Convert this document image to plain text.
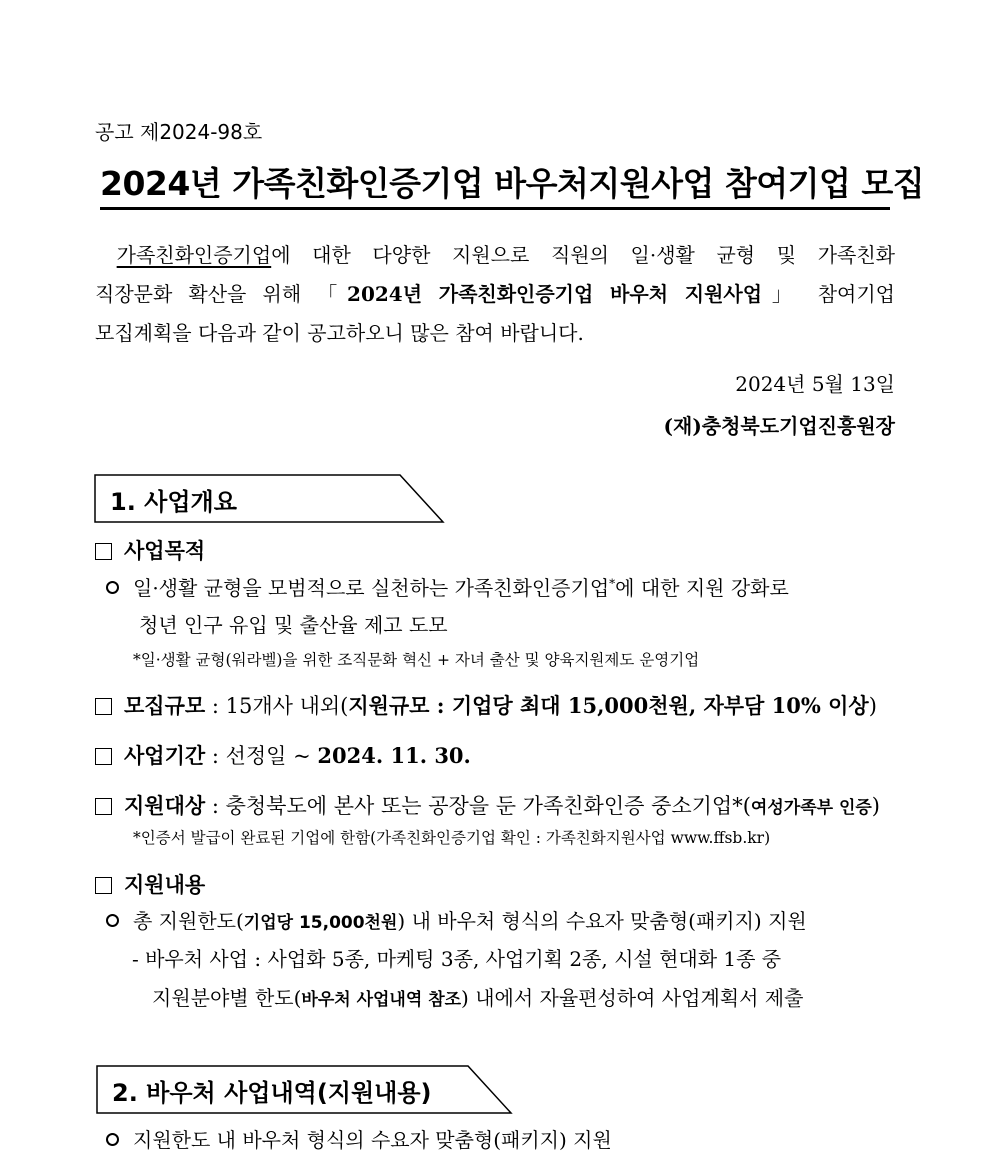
공고 제2024-98호
2024년 가족친화인증기업 바우처지원사업 참여기업 모집
가족친화인증기업에 대한 다양한 지원으로 직원의 일·생활 균형 및 가족친화
직장문화 확산을 위해 「2024년 가족친화인증기업 바우처 지원사업」 참여기업
모집계획을 다음과 같이 공고하오니 많은 참여 바랍니다.
2024년 5월 13일
(재)충청북도기업진흥원장
1. 사업개요
사업목적
일·생활 균형을 모범적으로 실천하는 가족친화인증기업*에 대한 지원 강화로
청년 인구 유입 및 출산율 제고 도모
*일·생활 균형(워라벨)을 위한 조직문화 혁신 + 자녀 출산 및 양육지원제도 운영기업
모집규모 : 15개사 내외(지원규모 : 기업당 최대 15,000천원, 자부담 10% 이상)
사업기간 : 선정일 ~ 2024. 11. 30.
지원대상 : 충청북도에 본사 또는 공장을 둔 가족친화인증 중소기업*(여성가족부 인증)
*인증서 발급이 완료된 기업에 한함(가족친화인증기업 확인 : 가족친화지원사업 www.ffsb.kr)
지원내용
총 지원한도(기업당 15,000천원) 내 바우처 형식의 수요자 맞춤형(패키지) 지원
- 바우처 사업 : 사업화 5종, 마케팅 3종, 사업기획 2종, 시설 현대화 1종 중
지원분야별 한도(바우처 사업내역 참조) 내에서 자율편성하여 사업계획서 제출
2. 바우처 사업내역(지원내용)
지원한도 내 바우처 형식의 수요자 맞춤형(패키지) 지원
